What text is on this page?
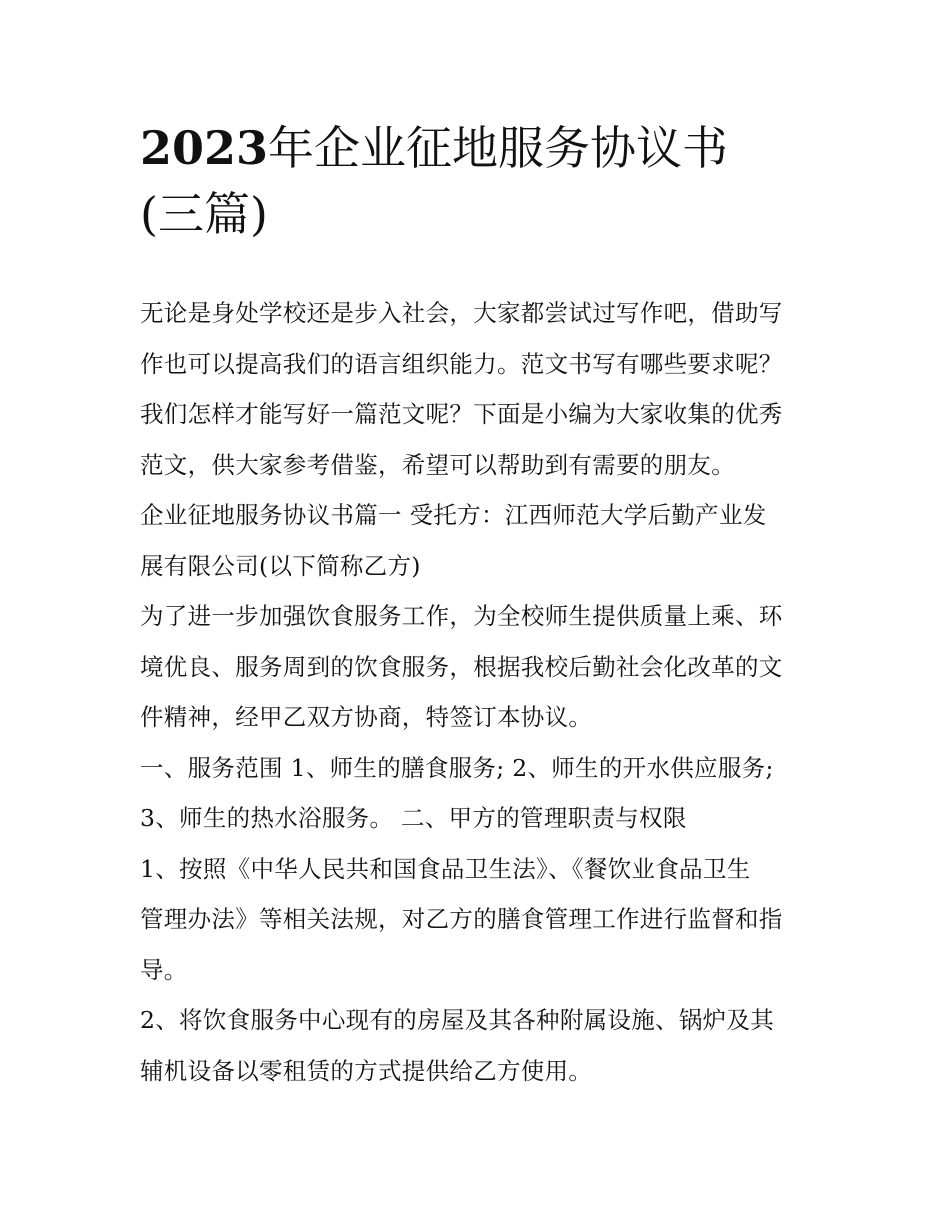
2023年企业征地服务协议书
(三篇)
无论是身处学校还是步入社会，大家都尝试过写作吧，借助写
作也可以提高我们的语言组织能力。范文书写有哪些要求呢？
我们怎样才能写好一篇范文呢？下面是小编为大家收集的优秀
范文，供大家参考借鉴，希望可以帮助到有需要的朋友。
企业征地服务协议书篇一 受托方：江西师范大学后勤产业发
展有限公司(以下简称乙方)
为了进一步加强饮食服务工作，为全校师生提供质量上乘、环
境优良、服务周到的饮食服务，根据我校后勤社会化改革的文
件精神，经甲乙双方协商，特签订本协议。
一、服务范围 1、师生的膳食服务; 2、师生的开水供应服务;
3、师生的热水浴服务。 二、甲方的管理职责与权限
1、按照《中华人民共和国食品卫生法》、《餐饮业食品卫生
管理办法》等相关法规，对乙方的膳食管理工作进行监督和指
导。
2、将饮食服务中心现有的房屋及其各种附属设施、锅炉及其
辅机设备以零租赁的方式提供给乙方使用。
